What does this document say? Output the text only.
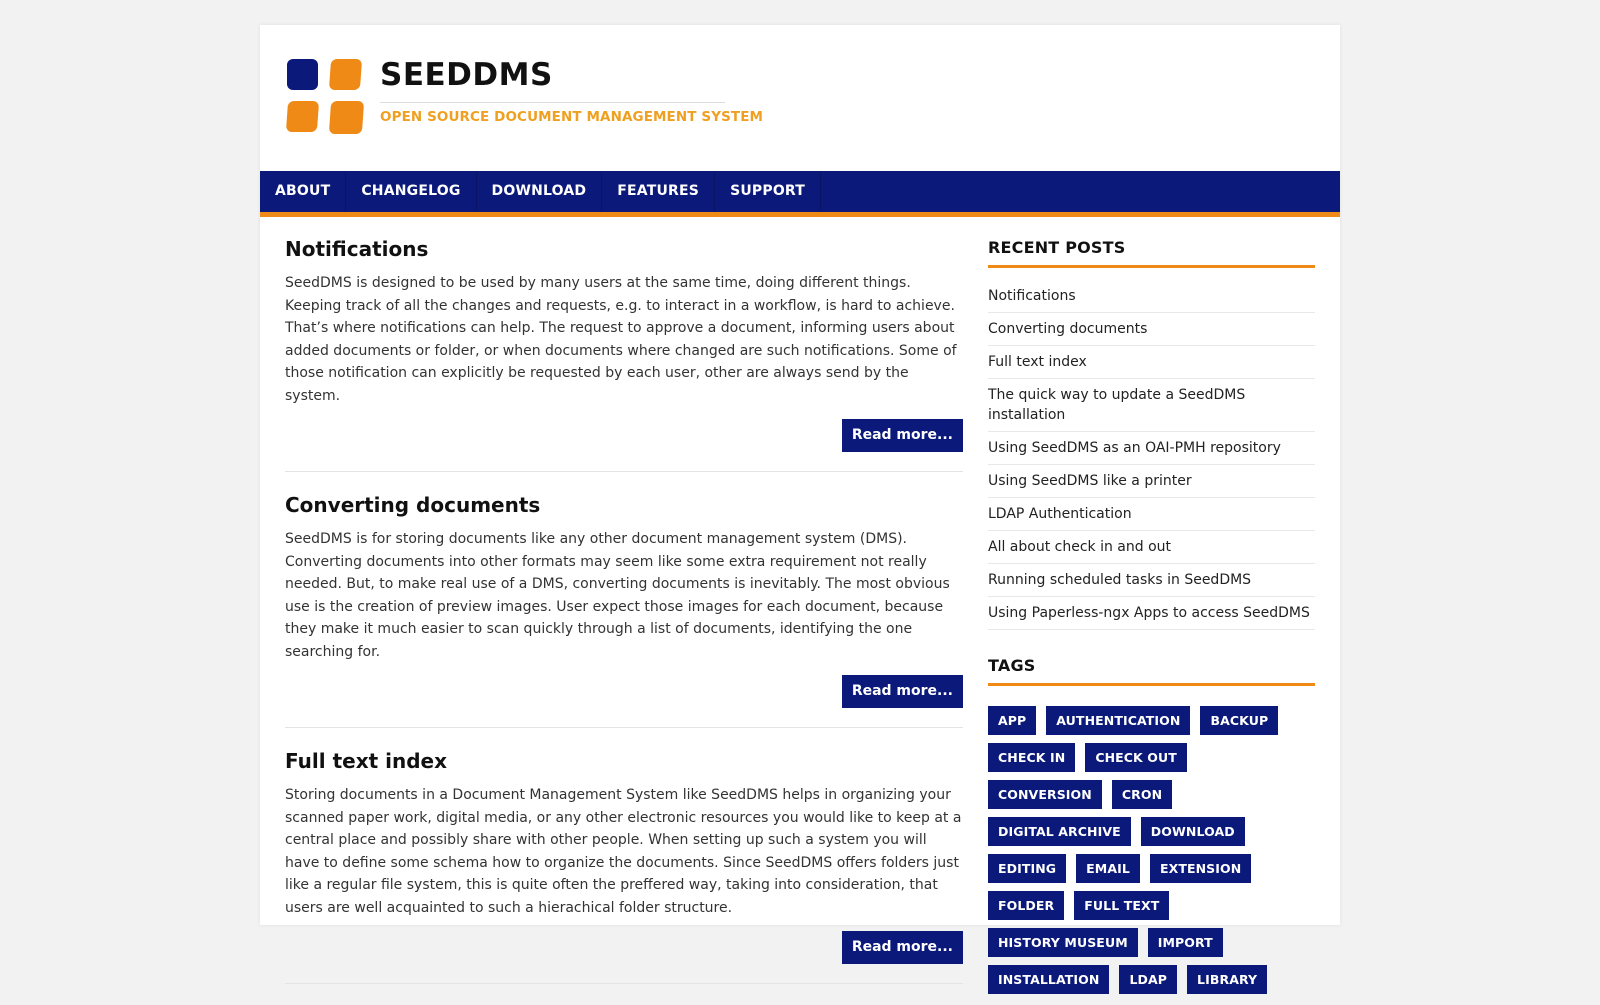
SEEDDMS
OPEN SOURCE DOCUMENT MANAGEMENT SYSTEM
ABOUT	CHANGELOG	DOWNLOAD	FEATURES	SUPPORT
Notifications

SeedDMS is designed to be used by many users at the same time, doing different things. Keeping track of all the changes and requests, e.g. to interact in a workflow, is hard to achieve. That’s where notifications can help. The request to approve a document, informing users about added documents or folder, or when documents where changed are such notifications. Some of those notification can explicitly be requested by each user, other are always send by the system.

Read more...
Converting documents

SeedDMS is for storing documents like any other document management system (DMS). Converting documents into other formats may seem like some extra requirement not really needed. But, to make real use of a DMS, converting documents is inevitably. The most obvious use is the creation of preview images. User expect those images for each document, because they make it much easier to scan quickly through a list of documents, identifying the one searching for.

Read more...
Full text index

Storing documents in a Document Management System like SeedDMS helps in organizing your scanned paper work, digital media, or any other electronic resources you would like to keep at a central place and possibly share with other people. When setting up such a system you will have to define some schema how to organize the documents. Since SeedDMS offers folders just like a regular file system, this is quite often the preffered way, taking into consideration, that users are well acquainted to such a hierachical folder structure.

Read more...
RECENT POSTS
Notifications
Converting documents
Full text index
The quick way to update a SeedDMS installation
Using SeedDMS as an OAI-PMH repository
Using SeedDMS like a printer
LDAP Authentication
All about check in and out
Running scheduled tasks in SeedDMS
Using Paperless-ngx Apps to access SeedDMS
TAGS
APP	AUTHENTICATION	BACKUP
CHECK IN	CHECK OUT
CONVERSION	CRON
DIGITAL ARCHIVE	DOWNLOAD
EDITING	EMAIL	EXTENSION
FOLDER	FULL TEXT
HISTORY MUSEUM	IMPORT
INSTALLATION	LDAP	LIBRARY
